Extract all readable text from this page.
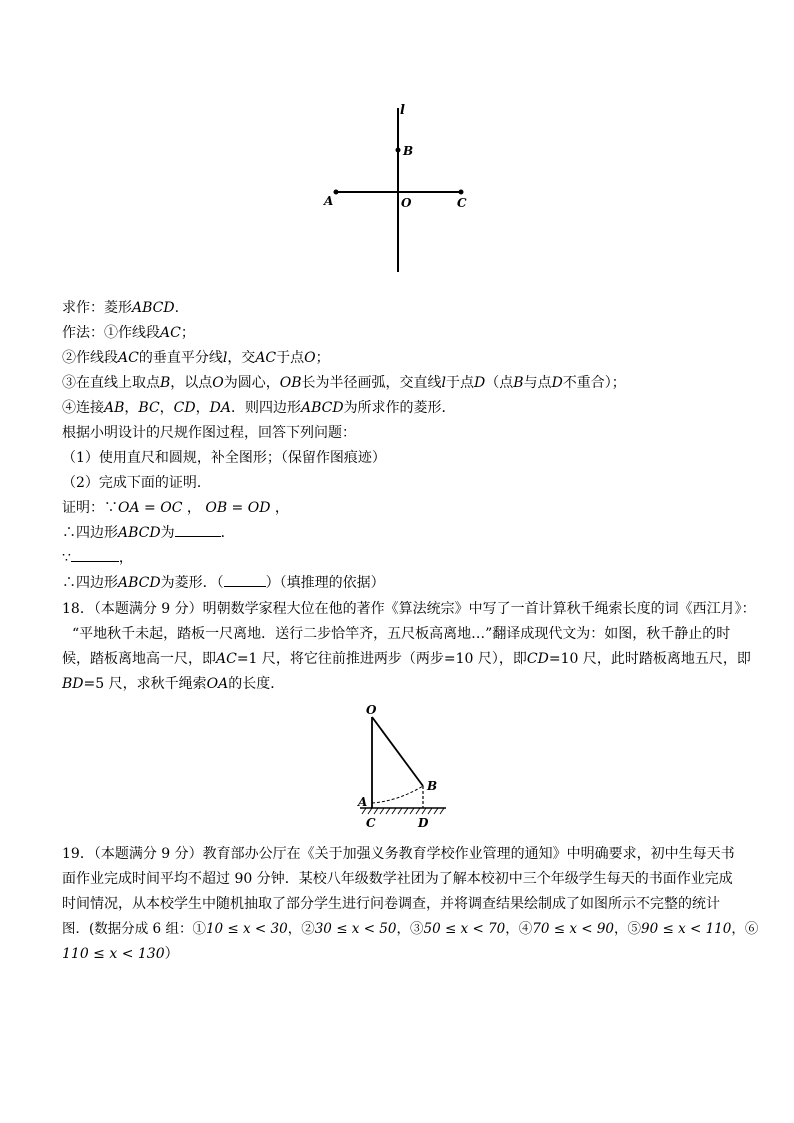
l
B
A	O	C
求作：菱形ABCD.
作法：①作线段AC；
②作线段AC的垂直平分线l，交AC于点O；
③在直线上取点B，以点O为圆心，OB长为半径画弧，交直线l于点D（点B与点D不重合）；
④连接AB，BC，CD，DA．则四边形ABCD为所求作的菱形．
根据小明设计的尺规作图过程，回答下列问题：
（1）使用直尺和圆规，补全图形；（保留作图痕迹）
（2）完成下面的证明．
证明：∵OA = OC ， OB = OD ，
∴四边形ABCD为	．
∵	，
∴四边形ABCD为菱形．（	）（填推理的依据）
18．（本题满分 9 分）明朝数学家程大位在他的著作《算法统宗》中写了一首计算秋千绳索长度的词《西江月》：
“平地秋千未起，踏板一尺离地．送行二步恰竿齐，五尺板高离地…”翻译成现代文为：如图，秋千静止的时
候，踏板离地高一尺，即AC=1 尺，将它往前推进两步（两步=10 尺），即CD=10 尺，此时踏板离地五尺，即
BD=5 尺，求秋千绳索OA的长度．
O
B
A
C	D
19．（本题满分 9 分）教育部办公厅在《关于加强义务教育学校作业管理的通知》中明确要求，初中生每天书
面作业完成时间平均不超过 90 分钟．某校八年级数学社团为了解本校初中三个年级学生每天的书面作业完成
时间情况，从本校学生中随机抽取了部分学生进行问卷调查，并将调查结果绘制成了如图所示不完整的统计
图．(数据分成 6 组：①10 ≤ x < 30，②30 ≤ x < 50，③50 ≤ x < 70，④70 ≤ x < 90，⑤90 ≤ x < 110，⑥
110 ≤ x < 130）
